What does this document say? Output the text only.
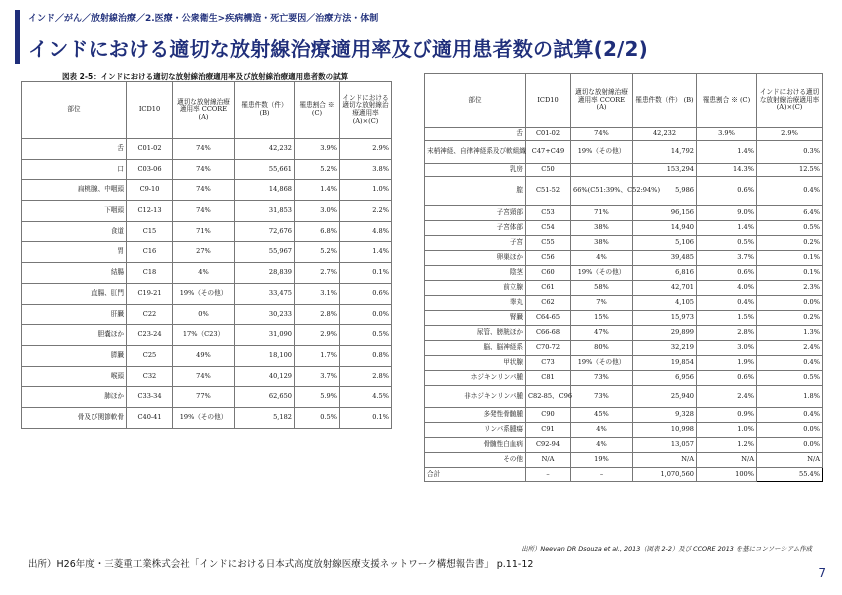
インド／がん／放射線治療／2.医療・公衆衛生>疾病構造・死亡要因／治療方法・体制
インドにおける適切な放射線治療適用率及び適用患者数の試算(2/2)
図表 2-5：インドにおける適切な放射線治療適用率及び放射線治療適用患者数の試算
部位	ICD10	適切な放射線治療適用率 CCORE (A)	罹患件数（件） (B)	罹患割合 ※ (C)	インドにおける適切な放射線治療適用率 (A)×(C)
舌	C01-02	74%	42,232	3.9%	2.9%
口	C03-06	74%	55,661	5.2%	3.8%
扁桃腺、中咽頭	C9-10	74%	14,868	1.4%	1.0%
下咽頭	C12-13	74%	31,853	3.0%	2.2%
食道	C15	71%	72,676	6.8%	4.8%
胃	C16	27%	55,967	5.2%	1.4%
結腸	C18	4%	28,839	2.7%	0.1%
直腸、肛門	C19-21	19%（その他）	33,475	3.1%	0.6%
肝臓	C22	0%	30,233	2.8%	0.0%
胆嚢ほか	C23-24	17%（C23）	31,090	2.9%	0.5%
膵臓	C25	49%	18,100	1.7%	0.8%
喉頭	C32	74%	40,129	3.7%	2.8%
肺ほか	C33-34	77%	62,650	5.9%	4.5%
骨及び関節軟骨	C40-41	19%（その他）	5,182	0.5%	0.1%
部位	ICD10	適切な放射線治療適用率 CCORE (A)	罹患件数（件） (B)	罹患割合 ※ (C)	インドにおける適切な放射線治療適用率 (A)×(C)
舌	C01-02	74%	42,232	3.9%	2.9%
末梢神経、自律神経系及び軟組織	C47+C49	19%（その他）	14,792	1.4%	0.3%
乳房	C50		153,294	14.3%	12.5%
膣	C51-52	66%(C51:39%、C52:94%)	5,986	0.6%	0.4%
子宮頸部	C53	71%	96,156	9.0%	6.4%
子宮体部	C54	38%	14,940	1.4%	0.5%
子宮	C55	38%	5,106	0.5%	0.2%
卵巣ほか	C56	4%	39,485	3.7%	0.1%
陰茎	C60	19%（その他）	6,816	0.6%	0.1%
前立腺	C61	58%	42,701	4.0%	2.3%
睾丸	C62	7%	4,105	0.4%	0.0%
腎臓	C64-65	15%	15,973	1.5%	0.2%
尿管、膀胱ほか	C66-68	47%	29,899	2.8%	1.3%
脳、脳神経系	C70-72	80%	32,219	3.0%	2.4%
甲状腺	C73	19%（その他）	19,854	1.9%	0.4%
ホジキンリンパ腫	C81	73%	6,956	0.6%	0.5%
非ホジキンリンパ腫	C82-85、C96	73%	25,940	2.4%	1.8%
多発性骨髄腫	C90	45%	9,328	0.9%	0.4%
リンパ系腫瘍	C91	4%	10,998	1.0%	0.0%
骨髄性白血病	C92-94	4%	13,057	1.2%	0.0%
その他	N/A	19%	N/A	N/A	N/A
合計	–	–	1,070,560	100%	55.4%
出所）Neevan DR Dsouza et al., 2013（図表 2-2）及び CCORE 2013 を基にコンソーシアム作成
出所）H26年度・三菱重工業株式会社「インドにおける日本式高度放射線医療支援ネットワーク構想報告書」 p.11-12
7
